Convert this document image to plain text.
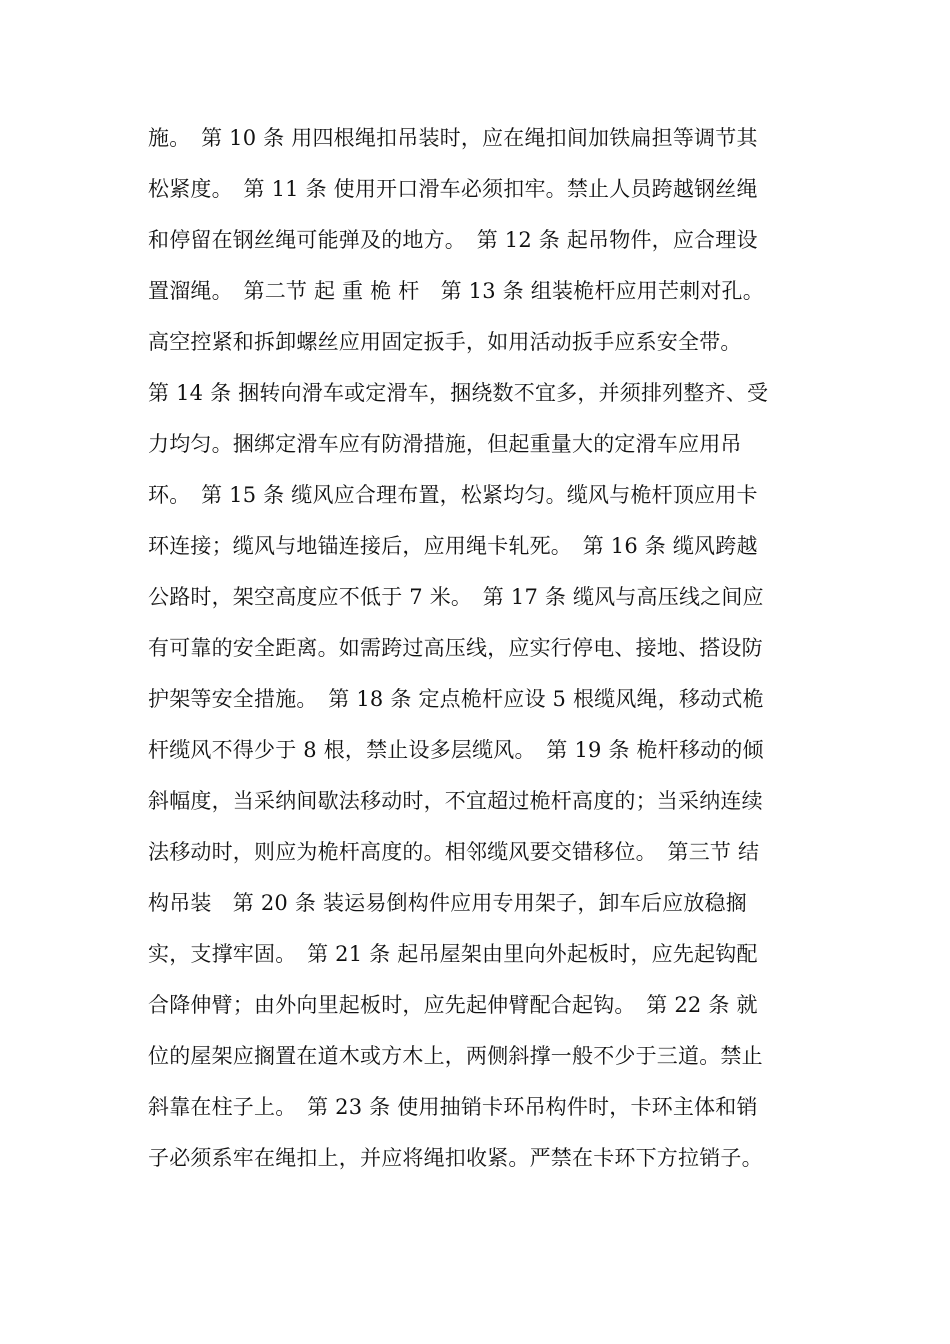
施。　第 10 条 用四根绳扣吊装时，应在绳扣间加铁扁担等调节其
松紧度。　第 11 条 使用开口滑车必须扣牢。禁止人员跨越钢丝绳
和停留在钢丝绳可能弹及的地方。　第 12 条 起吊物件，应合理设
置溜绳。　第二节 起 重 桅 杆　第 13 条 组装桅杆应用芒刺对孔。
高空控紧和拆卸螺丝应用固定扳手，如用活动扳手应系安全带。
第 14 条 捆转向滑车或定滑车，捆绕数不宜多，并须排列整齐、受
力均匀。捆绑定滑车应有防滑措施，但起重量大的定滑车应用吊
环。　第 15 条 缆风应合理布置，松紧均匀。缆风与桅杆顶应用卡
环连接；缆风与地锚连接后，应用绳卡轧死。　第 16 条 缆风跨越
公路时，架空高度应不低于 7 米。　第 17 条 缆风与高压线之间应
有可靠的安全距离。如需跨过高压线，应实行停电、接地、搭设防
护架等安全措施。　第 18 条 定点桅杆应设 5 根缆风绳，移动式桅
杆缆风不得少于 8 根，禁止设多层缆风。　第 19 条 桅杆移动的倾
斜幅度，当采纳间歇法移动时，不宜超过桅杆高度的；当采纳连续
法移动时，则应为桅杆高度的。相邻缆风要交错移位。　第三节 结
构吊装　第 20 条 装运易倒构件应用专用架子，卸车后应放稳搁
实，支撑牢固。　第 21 条 起吊屋架由里向外起板时，应先起钩配
合降伸臂；由外向里起板时，应先起伸臂配合起钩。　第 22 条 就
位的屋架应搁置在道木或方木上，两侧斜撑一般不少于三道。禁止
斜靠在柱子上。　第 23 条 使用抽销卡环吊构件时，卡环主体和销
子必须系牢在绳扣上，并应将绳扣收紧。严禁在卡环下方拉销子。
